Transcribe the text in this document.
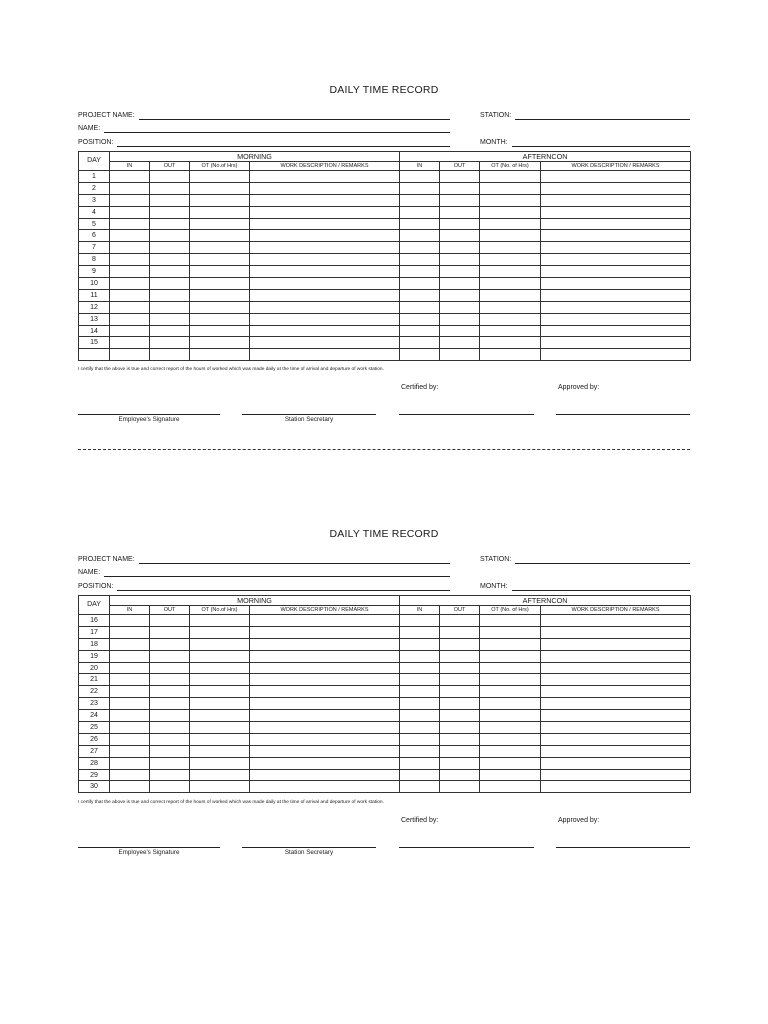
DAILY TIME RECORD
PROJECT NAME:	STATION:
NAME:
POSITION:	MONTH:
DAY	MORNING				AFTERNCON			
	IN	OUT	OT (No.of Hrs)	WORK DESCRIPTION / REMARKS	IN	OUT	OT (No. of Hrs)	WORK DESCRIPTION / REMARKS
1								
2								
3								
4								
5								
6								
7								
8								
9								
10								
11								
12								
13								
14								
15								

I certify that the above is true and correct report of the hours of worked which was made daily at the time of arrival and departure of work station.
Certified by:	Approved by:
Employee's Signature	Station Secretary
DAILY TIME RECORD
PROJECT NAME:	STATION:
NAME:
POSITION:	MONTH:
DAY	MORNING				AFTERNCON			
	IN	OUT	OT (No.of Hrs)	WORK DESCRIPTION / REMARKS	IN	OUT	OT (No. of Hrs)	WORK DESCRIPTION / REMARKS
16								
17								
18								
19								
20								
21								
22								
23								
24								
25								
26								
27								
28								
29								
30								
I certify that the above is true and correct report of the hours of worked which was made daily at the time of arrival and departure of work station.
Certified by:	Approved by:
Employee's Signature	Station Secretary
